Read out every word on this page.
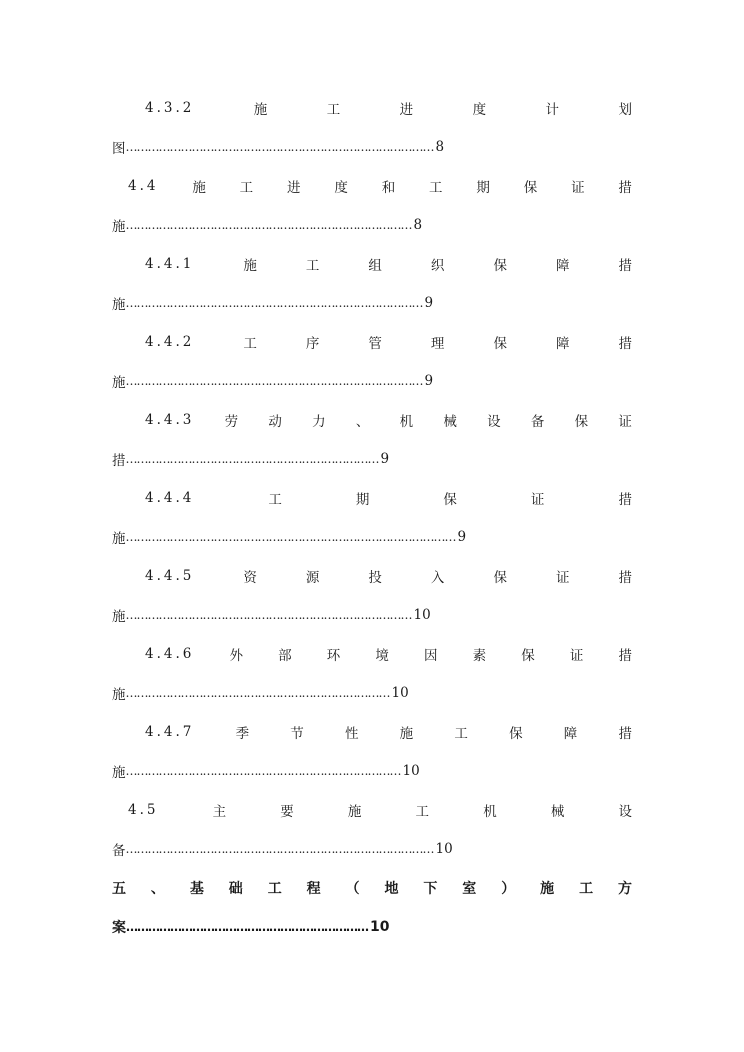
4.3.2	施	工	进	度	计	划
图 ………………………………………………………………………… 8
4.4	施	工	进	度	和	工	期	保	证	措
施 …………………………………………………………………… 8
4.4.1	施	工	组	织	保	障	措
施 ……………………………………………………………………… 9
4.4.2	工	序	管	理	保	障	措
施 ……………………………………………………………………… 9
4.4.3 劳 动 力 、 机 械 设 备 保 证
措 …………………………………………………………… 9
4.4.4	工	期	保	证	措
施 ……………………………………………………………………………… 9
4.4.5	资	源	投	入	保	证	措
施 …………………………………………………………………… 10
4.4.6	外	部	环	境	因	素	保	证	措
施 ……………………………………………………………… 10
4.4.7	季	节	性	施	工	保	障	措
施 ………………………………………………………………… 10
4.5	主	要	施	工	机	械	设
备 ………………………………………………………………………… 10
五 、 基 础 工 程 （ 地 下 室 ） 施 工 方
案 ………………………………………………………… 10
